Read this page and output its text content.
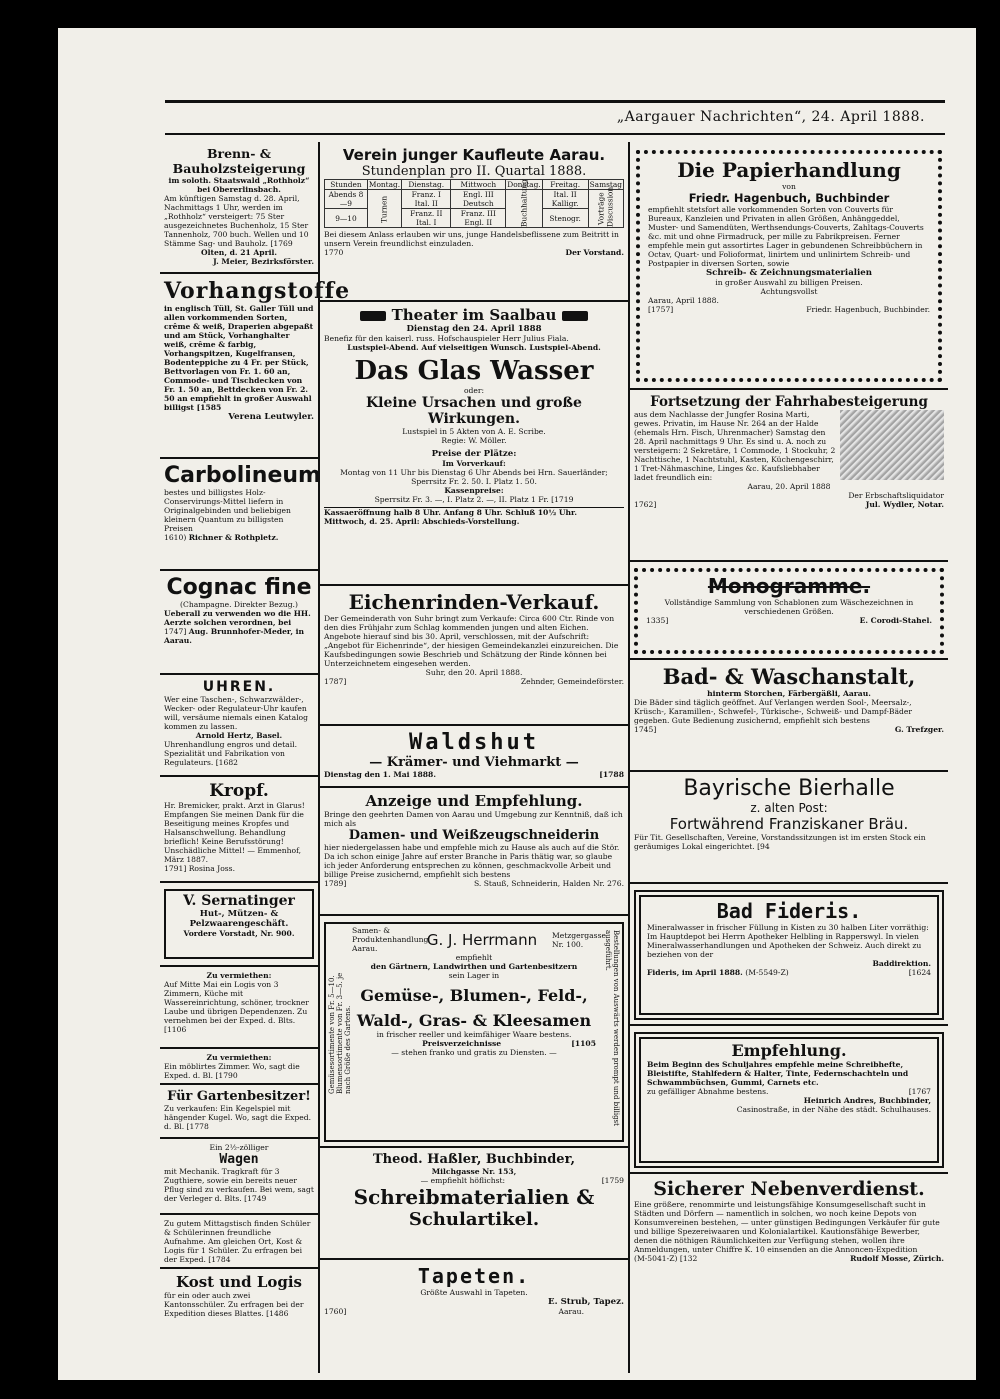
„Aargauer Nachrichten“, 24. April 1888.
Brenn- & Bauholzsteigerung
im soloth. Staatswald „Rothholz“ bei Obererlinsbach.
Am künftigen Samstag d. 28. April, Nachmittags 1 Uhr, werden im „Rothholz“ versteigert: 75 Ster ausgezeichnetes Buchenholz, 15 Ster Tannenholz, 700 buch. Wellen und 10 Stämme Sag- und Bauholz. [1769
Olten, d. 21 April.
J. Meier, Bezirksförster.
Vorhangstoffe
in englisch Tüll, St. Galler Tüll und allen vorkommenden Sorten, crême & weiß, Draperien abgepaßt und am Stück, Vorhanghalter weiß, crême & farbig, Vorhangspitzen, Kugelfransen, Bodenteppiche zu 4 Fr. per Stück, Bettvorlagen von Fr. 1. 60 an, Commode- und Tischdecken von Fr. 1. 50 an, Bettdecken von Fr. 2. 50 an empfiehlt in großer Auswahl billigst [1585
Verena Leutwyler.
Carbolineum
bestes und billigstes Holz-Conservirungs-Mittel liefern in Originalgebinden und beliebigen kleinern Quantum zu billigsten Preisen
1610) Richner & Rothpletz.
Cognac fine
(Champagne. Direkter Bezug.)
Ueberall zu verwenden wo die HH. Aerzte solchen verordnen, bei
1747] Aug. Brunnhofer-Meder, in Aarau.
UHREN.
Wer eine Taschen-, Schwarzwälder-, Wecker- oder Regulateur-Uhr kaufen will, versäume niemals einen Katalog kommen zu lassen.
Arnold Hertz, Basel.
Uhrenhandlung engros und detail. Spezialität und Fabrikation von Regulateurs. [1682
Kropf.
Hr. Bremicker, prakt. Arzt in Glarus! Empfangen Sie meinen Dank für die Beseitigung meines Kropfes und Halsanschwellung. Behandlung brieflich! Keine Berufsstörung! Unschädliche Mittel! — Emmenhof, März 1887.
1791] Rosina Joss.
V. Sernatinger
Hut-, Mützen- & Pelzwaarengeschäft.
Vordere Vorstadt, Nr. 900.
Zu vermiethen:
Auf Mitte Mai ein Logis von 3 Zimmern, Küche mit Wassereinrichtung, schöner, trockner Laube und übrigen Dependenzen. Zu vernehmen bei der Exped. d. Blts. [1106
Zu vermiethen:
Ein möblirtes Zimmer. Wo, sagt die Exped. d. Bl. [1790
Für Gartenbesitzer!
Zu verkaufen: Ein Kegelspiel mit hängender Kugel. Wo, sagt die Exped. d. Bl. [1778
Ein 2½-zölliger
Wagen
mit Mechanik. Tragkraft für 3 Zugthiere, sowie ein bereits neuer Pflug sind zu verkaufen. Bei wem, sagt der Verleger d. Blts. [1749
Zu gutem Mittagstisch finden Schüler & Schülerinnen freundliche Aufnahme. Am gleichen Ort, Kost & Logis für 1 Schüler. Zu erfragen bei der Exped. [1784
Kost und Logis
für ein oder auch zwei Kantonsschüler. Zu erfragen bei der Expedition dieses Blattes. [1486
Verein junger Kaufleute Aarau.
Stundenplan pro II. Quartal 1888.
Stunden	Montag.	Dienstag.	Mittwoch	Donstag.	Freitag.	Samstag
Abends 8—9	Turnen	Franz. I Ital. II	Engl. III Deutsch	Buchhaltung	Ital. II Kalligr.	Vorträge Discussion
9—10		Franz. II Ital. I	Franz. III Engl. II		Stenogr.	
Bei diesem Anlass erlauben wir uns, junge Handelsbeflissene zum Beitritt in unsern Verein freundlichst einzuladen.
1770	Der Vorstand.
Theater im Saalbau
Dienstag den 24. April 1888
Benefiz für den kaiserl. russ. Hofschauspieler Herr Julius Fiala.
Lustspiel-Abend. Auf vielseitigen Wunsch. Lustspiel-Abend.
Das Glas Wasser
oder:
Kleine Ursachen und große Wirkungen.
Lustspiel in 5 Akten von A. E. Scribe.
Regie: W. Möller.
Preise der Plätze:
Im Vorverkauf:
Montag von 11 Uhr bis Dienstag 6 Uhr Abends bei Hrn. Sauerländer; Sperrsitz Fr. 2. 50. I. Platz 1. 50.
Kassenpreise:
Sperrsitz Fr. 3. —, I. Platz 2. —, II. Platz 1 Fr. [1719
Kassaeröffnung halb 8 Uhr. Anfang 8 Uhr. Schluß 10½ Uhr.
Mittwoch, d. 25. April: Abschieds-Vorstellung.
Eichenrinden-Verkauf.
Der Gemeinderath von Suhr bringt zum Verkaufe: Circa 600 Ctr. Rinde von den dies Frühjahr zum Schlag kommenden jungen und alten Eichen. Angebote hierauf sind bis 30. April, verschlossen, mit der Aufschrift: „Angebot für Eichenrinde“, der hiesigen Gemeindekanzlei einzureichen. Die Kaufsbedingungen sowie Beschrieb und Schätzung der Rinde können bei Unterzeichnetem eingesehen werden.
Suhr, den 20. April 1888.
1787]	Zehnder, Gemeindeförster.
Waldshut
— Krämer- und Viehmarkt —
Dienstag den 1. Mai 1888.	[1788
Anzeige und Empfehlung.
Bringe den geehrten Damen von Aarau und Umgebung zur Kenntniß, daß ich mich als
Damen- und Weißzeugschneiderin
hier niedergelassen habe und empfehle mich zu Hause als auch auf die Stör. Da ich schon einige Jahre auf erster Branche in Paris thätig war, so glaube ich jeder Anforderung entsprechen zu können, geschmackvolle Arbeit und billige Preise zusichernd, empfiehlt sich bestens
1789]	S. Stauß, Schneiderin, Halden Nr. 276.
Gemüsesortimente von Fr. 5—10. Blumensortimente von Fr. 3—5. je nach Größe des Gartens.	Bestellungen von Auswärts werden prompt und billigst ausgeführt.
Samen- & Produktenhandlung Aarau.	G. J. Herrmann Metzgergasse Nr. 100.
empfiehlt
den Gärtnern, Landwirthen und Gartenbesitzern
sein Lager in
Gemüse-, Blumen-, Feld-,
Wald-, Gras- & Kleesamen
in frischer reeller und keimfähiger Waare bestens.
Preisverzeichnisse	[1105
— stehen franko und gratis zu Diensten. —
Theod. Haßler, Buchbinder,
Milchgasse Nr. 153,
— empfiehlt höflichst:	[1759
Schreibmaterialien &
Schulartikel.
Tapeten.
Größte Auswahl in Tapeten.
E. Strub, Tapez.
1760]	Aarau.
Die Papierhandlung
von
Friedr. Hagenbuch, Buchbinder
empfiehlt stetsfort alle vorkommenden Sorten von Couverts für Bureaux, Kanzleien und Privaten in allen Größen, Anhänggeddel, Muster- und Samendüten, Werthsendungs-Couverts, Zahltags-Couverts &c. mit und ohne Firmadruck, per mille zu Fabrikpreisen. Ferner empfehle mein gut assortirtes Lager in gebundenen Schreibbüchern in Octav, Quart- und Folioformat, linirtem und unlinirtem Schreib- und Postpapier in diversen Sorten, sowie
Schreib- & Zeichnungsmaterialien
in großer Auswahl zu billigen Preisen.
Achtungsvollst
Aarau, April 1888.
[1757]	Friedr. Hagenbuch, Buchbinder.
Fortsetzung der Fahrhabesteigerung
aus dem Nachlasse der Jungfer Rosina Marti, gewes. Privatin, im Hause Nr. 264 an der Halde (ehemals Hrn. Fisch, Uhrenmacher) Samstag den 28. April nachmittags 9 Uhr. Es sind u. A. noch zu versteigern: 2 Sekretäre, 1 Commode, 1 Stockuhr, 2 Nachttische, 1 Nachtstuhl, Kasten, Küchengeschirr, 1 Tret-Nähmaschine, Linges &c. Kaufsliebhaber ladet freundlich ein:
Aarau, 20. April 1888
Der Erbschaftsliquidator
1762]	Jul. Wydler, Notar.
Monogramme.
Vollständige Sammlung von Schablonen zum Wäschezeichnen in verschiedenen Größen.
1335]	E. Corodi-Stahel.
Bad- & Waschanstalt,
hinterm Storchen, Färbergäßli, Aarau.
Die Bäder sind täglich geöffnet. Auf Verlangen werden Sool-, Meersalz-, Krüsch-, Karamillen-, Schwefel-, Türkische-, Schweiß- und Dampf-Bäder gegeben. Gute Bedienung zusichernd, empfiehlt sich bestens
1745]	G. Trefzger.
Bayrische Bierhalle
z. alten Post:
Fortwährend Franziskaner Bräu.
Für Tit. Gesellschaften, Vereine, Vorstandssitzungen ist im ersten Stock ein geräumiges Lokal eingerichtet. [94
Bad Fideris.
Mineralwasser in frischer Füllung in Kisten zu 30 halben Liter vorräthig: Im Hauptdepot bei Herrn Apotheker Helbling in Rapperswyl. In vielen Mineralwasserhandlungen und Apotheken der Schweiz. Auch direkt zu beziehen von der
Baddirektion.
Fideris, im April 1888. (M-5549-Z)	[1624
Empfehlung.
Beim Beginn des Schuljahres empfehle meine Schreibhefte, Bleistifte, Stahlfedern & Halter, Tinte, Federnschachteln und Schwammbüchsen, Gummi, Carnets etc.
zu gefälliger Abnahme bestens.	[1767
Heinrich Andres, Buchbinder,
Casinostraße, in der Nähe des städt. Schulhauses.
Sicherer Nebenverdienst.
Eine größere, renommirte und leistungsfähige Konsumgesellschaft sucht in Städten und Dörfern — namentlich in solchen, wo noch keine Depots von Konsumvereinen bestehen, — unter günstigen Bedingungen Verkäufer für gute und billige Spezereiwaaren und Kolonialartikel. Kautionsfähige Bewerber, denen die nöthigen Räumlichkeiten zur Verfügung stehen, wollen ihre Anmeldungen, unter Chiffre K. 10 einsenden an die Annoncen-Expedition
(M-5041-Z) [132	Rudolf Mosse, Zürich.
